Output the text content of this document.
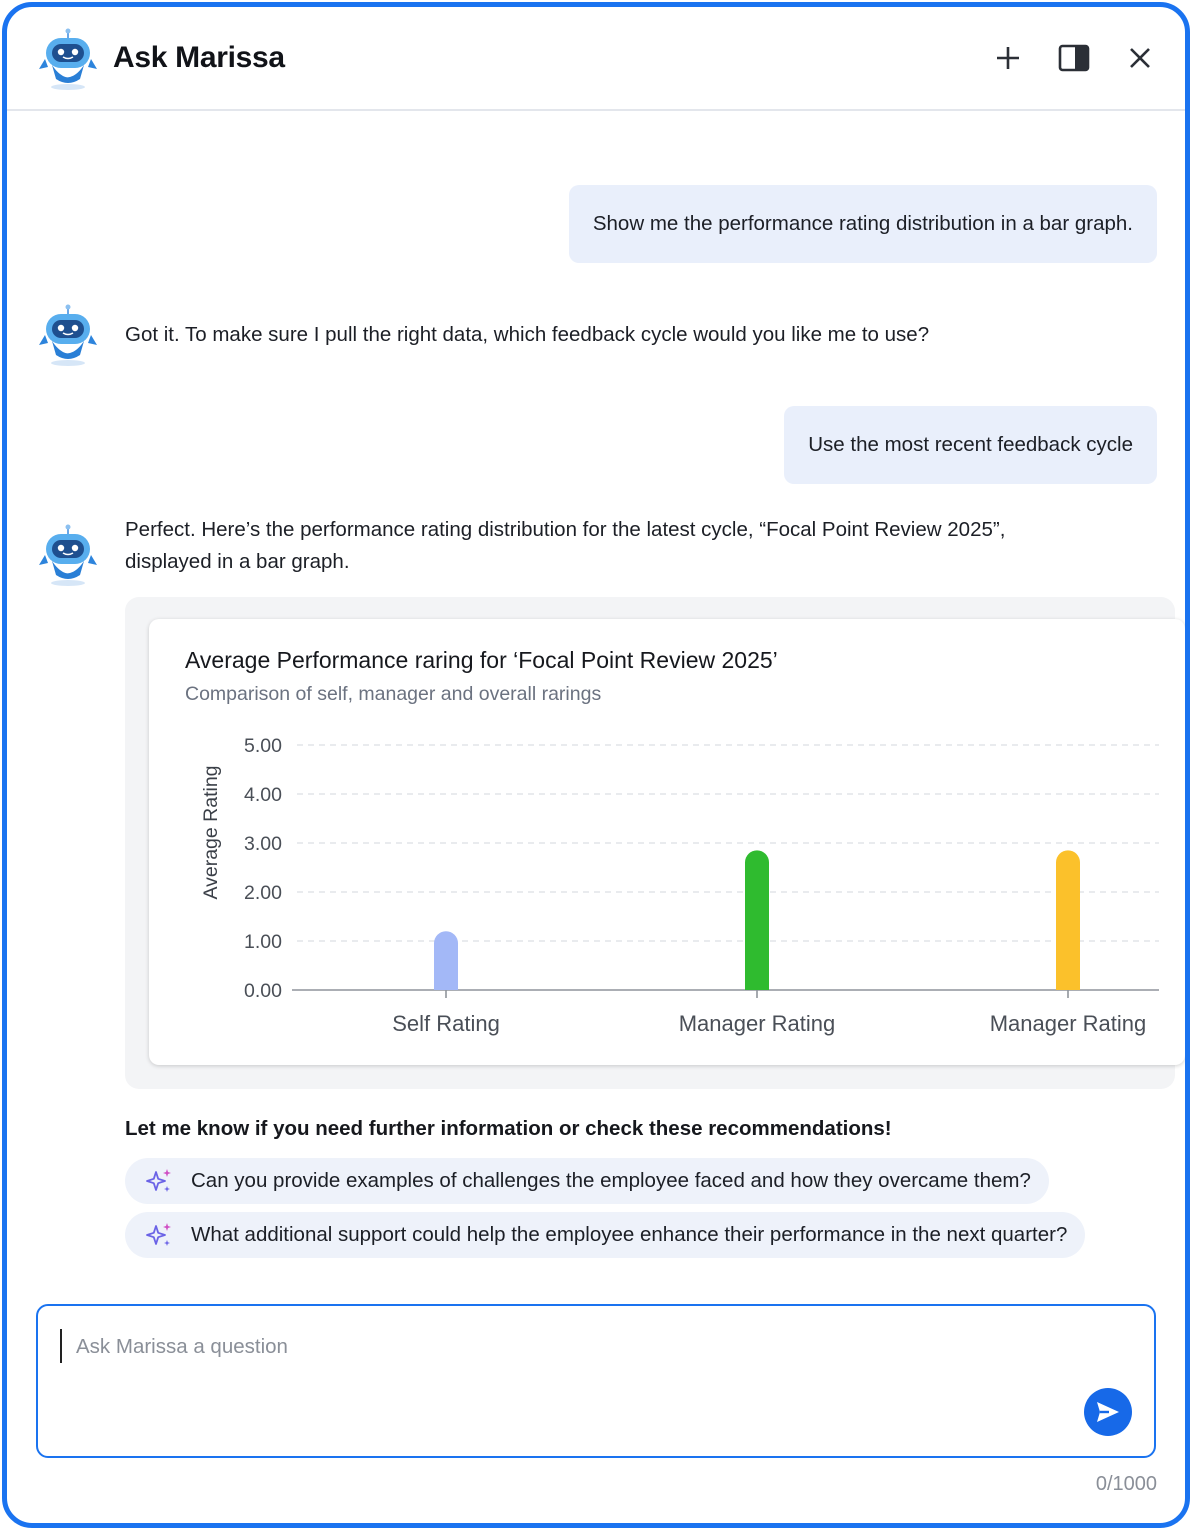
Ask Marissa
Show me the performance rating distribution in a bar graph.
Got it. To make sure I pull the right data, which feedback cycle would you like me to use?
Use the most recent feedback cycle
Perfect. Here’s the performance rating distribution for the latest cycle, “Focal Point Review 2025”,
displayed in a bar graph.
Average Performance raring for ‘Focal Point Review 2025’
Comparison of self, manager and overall rarings
0.00
1.00
2.00
3.00
4.00
5.00
Average Rating
Self Rating	Manager Rating	Manager Rating
Let me know if you need further information or check these recommendations!
Can you provide examples of challenges the employee faced and how they overcame them?
What additional support could help the employee enhance their performance in the next quarter?
Ask Marissa a question
0/1000
